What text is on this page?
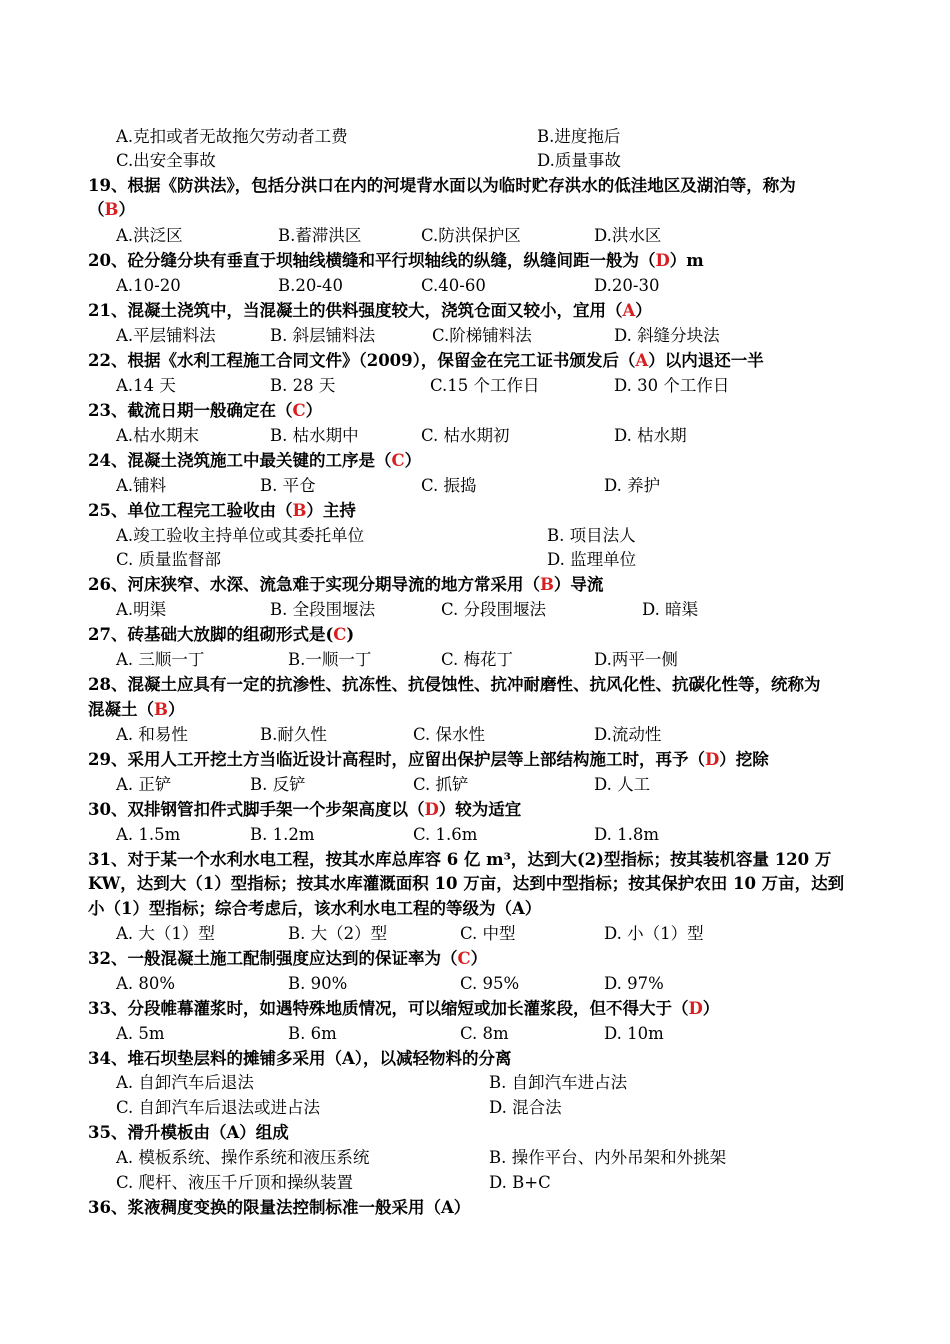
A.克扣或者无故拖欠劳动者工费	B.进度拖后
C.出安全事故	D.质量事故
19、根据《防洪法》，包括分洪口在内的河堤背水面以为临时贮存洪水的低洼地区及湖泊等，称为
（B）
A.洪泛区	B.蓄滞洪区	C.防洪保护区	D.洪水区
20、砼分缝分块有垂直于坝轴线横缝和平行坝轴线的纵缝，纵缝间距一般为（D）m
A.10-20	B.20-40	C.40-60	D.20-30
21、混凝土浇筑中，当混凝土的供料强度较大，浇筑仓面又较小，宜用（A）
A.平层铺料法	B. 斜层铺料法	C.阶梯铺料法	D. 斜缝分块法
22、根据《水利工程施工合同文件》（2009），保留金在完工证书颁发后（A）以内退还一半
A.14 天	B. 28 天	C.15 个工作日	D. 30 个工作日
23、截流日期一般确定在（C）
A.枯水期末	B. 枯水期中	C. 枯水期初	D. 枯水期
24、混凝土浇筑施工中最关键的工序是（C）
A.铺料	B. 平仓	C. 振捣	D. 养护
25、单位工程完工验收由（B）主持
A.竣工验收主持单位或其委托单位	B. 项目法人
C. 质量监督部	D. 监理单位
26、河床狭窄、水深、流急难于实现分期导流的地方常采用（B）导流
A.明渠	B. 全段围堰法	C. 分段围堰法	D. 暗渠
27、砖基础大放脚的组砌形式是(C)
A. 三顺一丁	B.一顺一丁	C. 梅花丁	D.两平一侧
28、混凝土应具有一定的抗渗性、抗冻性、抗侵蚀性、抗冲耐磨性、抗风化性、抗碳化性等，统称为
混凝土（B）
A. 和易性	B.耐久性	C. 保水性	D.流动性
29、采用人工开挖土方当临近设计高程时，应留出保护层等上部结构施工时，再予（D）挖除
A. 正铲	B. 反铲	C. 抓铲	D. 人工
30、双排钢管扣件式脚手架一个步架高度以（D）较为适宜
A. 1.5m	B. 1.2m	C. 1.6m	D. 1.8m
31、对于某一个水利水电工程，按其水库总库容 6 亿 m³，达到大(2)型指标；按其装机容量 120 万
KW，达到大（1）型指标；按其水库灌溉面积 10 万亩，达到中型指标；按其保护农田 10 万亩，达到
小（1）型指标；综合考虑后，该水利水电工程的等级为（A）
A. 大（1）型	B. 大（2）型	C. 中型	D. 小（1）型
32、一般混凝土施工配制强度应达到的保证率为（C）
A. 80%	B. 90%	C. 95%	D. 97%
33、分段帷幕灌浆时，如遇特殊地质情况，可以缩短或加长灌浆段，但不得大于（D）
A. 5m	B. 6m	C. 8m	D. 10m
34、堆石坝垫层料的摊铺多采用（A），以减轻物料的分离
A. 自卸汽车后退法	B. 自卸汽车进占法
C. 自卸汽车后退法或进占法	D. 混合法
35、滑升模板由（A）组成
A. 模板系统、操作系统和液压系统	B. 操作平台、内外吊架和外挑架
C. 爬杆、液压千斤顶和操纵装置	D. B+C
36、浆液稠度变换的限量法控制标准一般采用（A）
